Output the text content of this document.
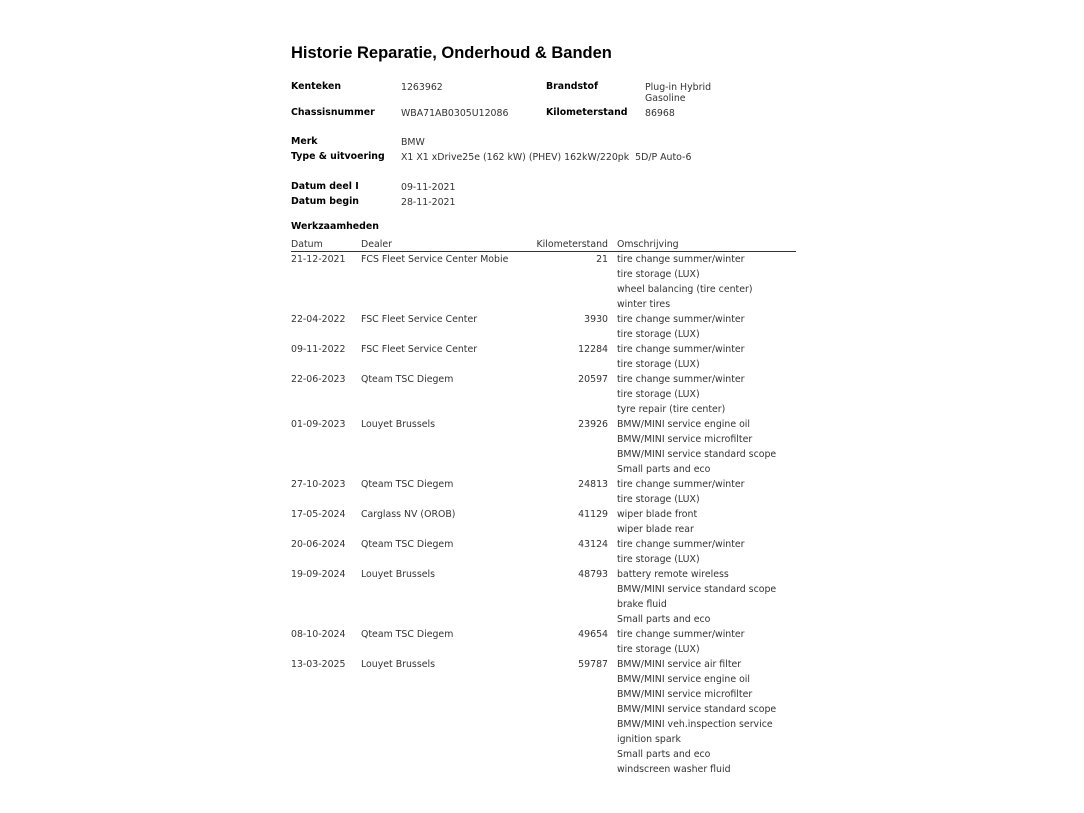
Historie Reparatie, Onderhoud & Banden
Kenteken	1263962	Brandstof	Plug-in Hybrid
Gasoline
Chassisnummer	WBA71AB0305U12086	Kilometerstand 86968
Merk	BMW
Type & uitvoering X1 X1 xDrive25e (162 kW) (PHEV) 162kW/220pk  5D/P Auto-6
Datum deel I	09-11-2021
Datum begin	28-11-2021
Werkzaamheden
Datum	Dealer	Kilometerstand Omschrijving
21-12-2021 FCS Fleet Service Center Mobie	21 tire change summer/winter
tire storage (LUX)
wheel balancing (tire center)
winter tires
22-04-2022 FSC Fleet Service Center	3930 tire change summer/winter
tire storage (LUX)
09-11-2022 FSC Fleet Service Center	12284 tire change summer/winter
tire storage (LUX)
22-06-2023 Qteam TSC Diegem	20597 tire change summer/winter
tire storage (LUX)
tyre repair (tire center)
01-09-2023 Louyet Brussels	23926 BMW/MINI service engine oil
BMW/MINI service microfilter
BMW/MINI service standard scope
Small parts and eco
27-10-2023 Qteam TSC Diegem	24813 tire change summer/winter
tire storage (LUX)
17-05-2024 Carglass NV (OROB)	41129 wiper blade front
wiper blade rear
20-06-2024 Qteam TSC Diegem	43124 tire change summer/winter
tire storage (LUX)
19-09-2024 Louyet Brussels	48793 battery remote wireless
BMW/MINI service standard scope
brake fluid
Small parts and eco
08-10-2024 Qteam TSC Diegem	49654 tire change summer/winter
tire storage (LUX)
13-03-2025 Louyet Brussels	59787 BMW/MINI service air filter
BMW/MINI service engine oil
BMW/MINI service microfilter
BMW/MINI service standard scope
BMW/MINI veh.inspection service
ignition spark
Small parts and eco
windscreen washer fluid
